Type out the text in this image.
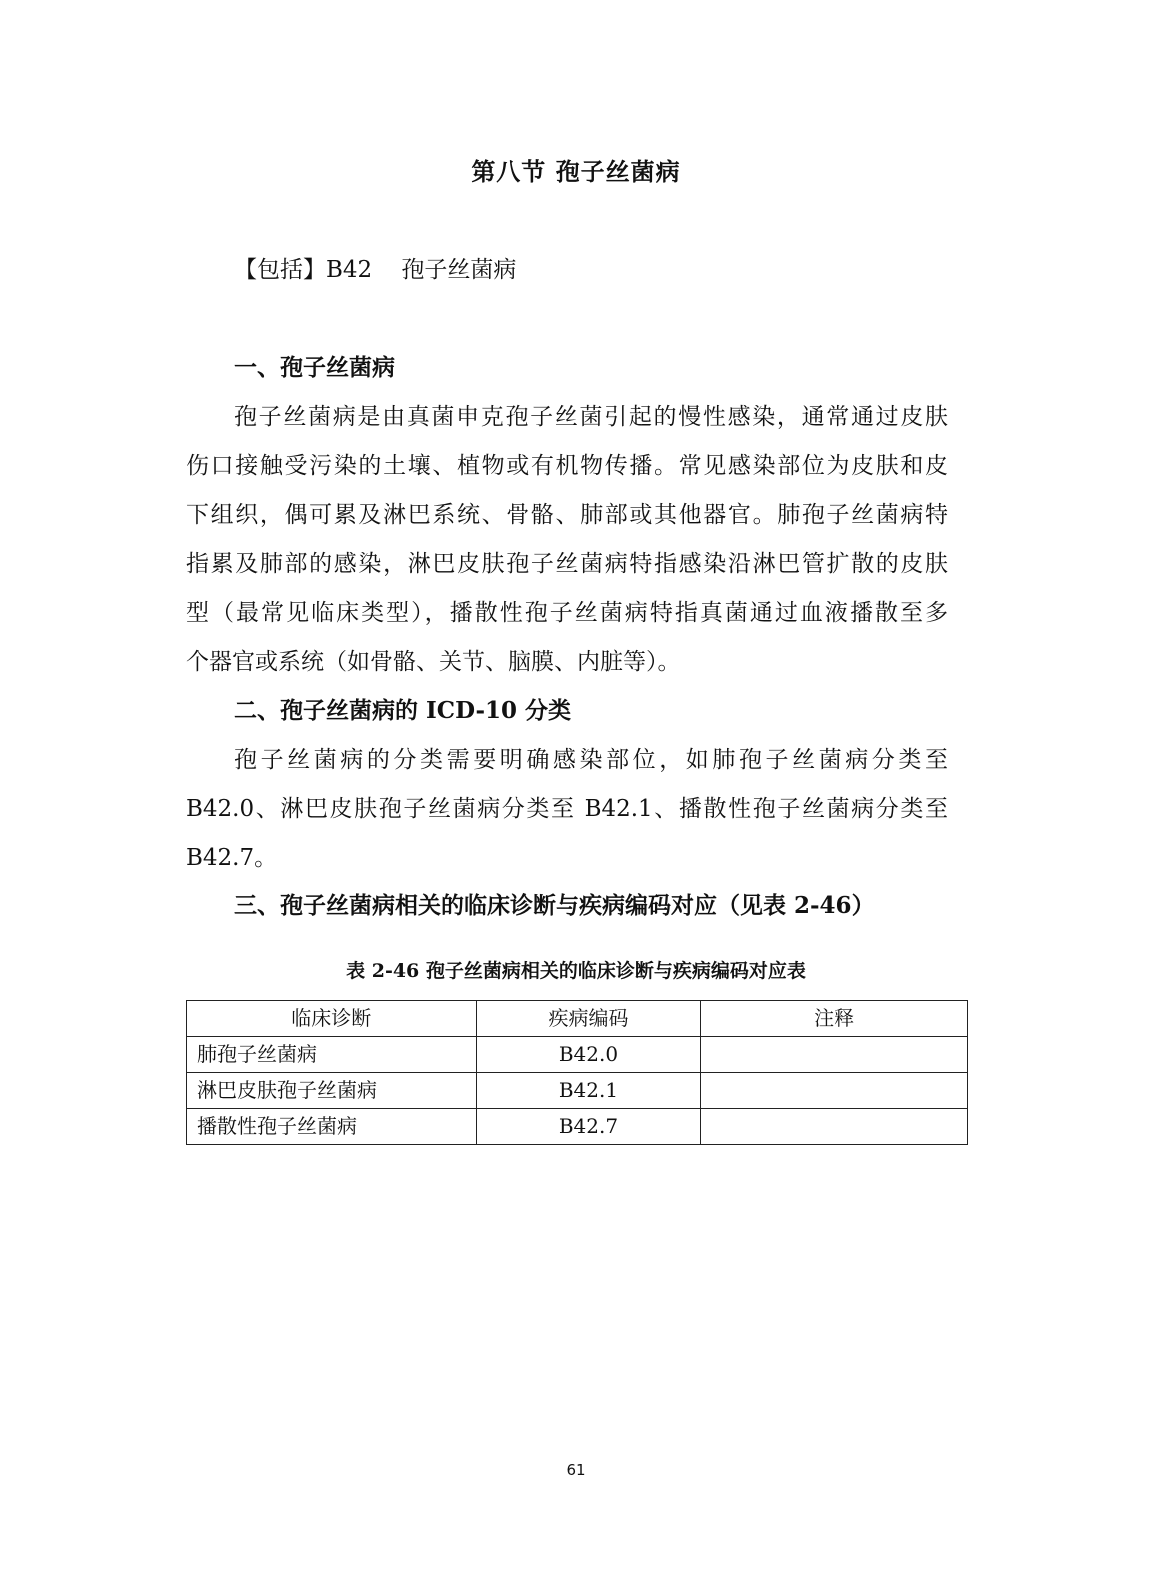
第八节 孢子丝菌病
【包括】B42    孢子丝菌病
一、孢子丝菌病
孢子丝菌病是由真菌申克孢子丝菌引起的慢性感染，通常通过皮肤
伤口接触受污染的土壤、植物或有机物传播。常见感染部位为皮肤和皮
下组织，偶可累及淋巴系统、骨骼、肺部或其他器官。肺孢子丝菌病特
指累及肺部的感染，淋巴皮肤孢子丝菌病特指感染沿淋巴管扩散的皮肤
型（最常见临床类型），播散性孢子丝菌病特指真菌通过血液播散至多
个器官或系统（如骨骼、关节、脑膜、内脏等）。
二、孢子丝菌病的 ICD-10 分类
孢子丝菌病的分类需要明确感染部位，如肺孢子丝菌病分类至
B42.0、淋巴皮肤孢子丝菌病分类至 B42.1、播散性孢子丝菌病分类至
B42.7。
三、孢子丝菌病相关的临床诊断与疾病编码对应（见表 2-46）
表 2-46 孢子丝菌病相关的临床诊断与疾病编码对应表
临床诊断	疾病编码	注释
肺孢子丝菌病	B42.0	
淋巴皮肤孢子丝菌病	B42.1	
播散性孢子丝菌病	B42.7	
61
